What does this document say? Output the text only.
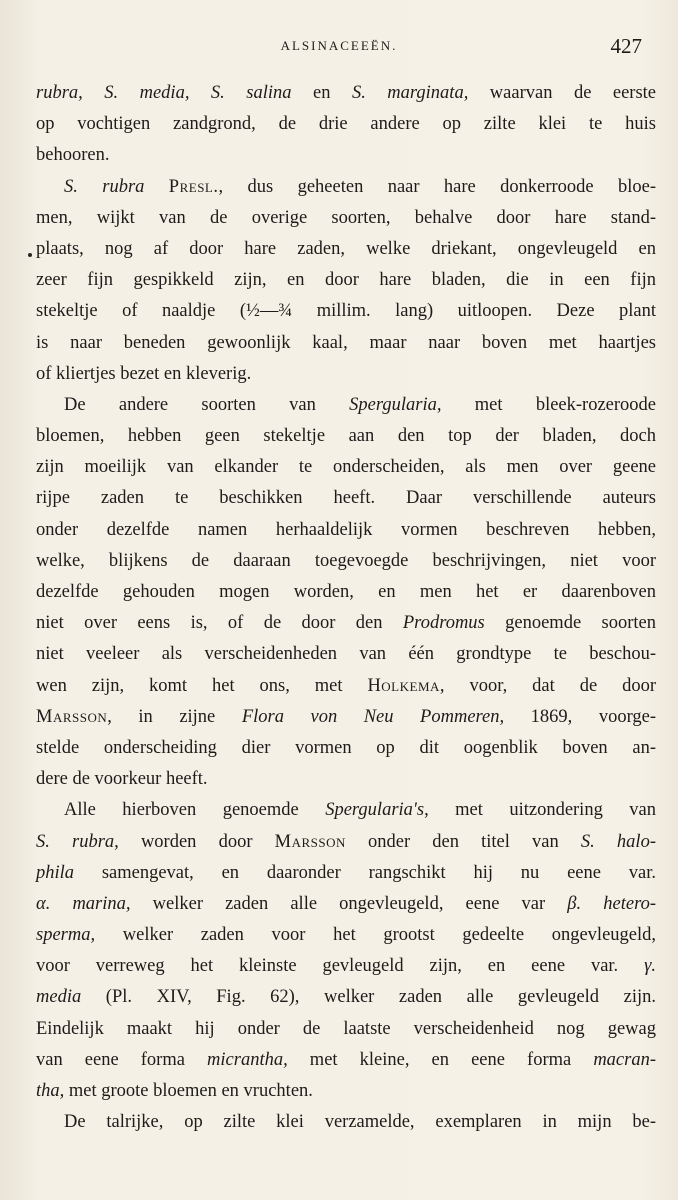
ALSINACEEËN.	427
rubra, S. media, S. salina en S. marginata, waarvan de eerste
op vochtigen zandgrond, de drie andere op zilte klei te huis
behooren.
S. rubra Presl., dus geheeten naar hare donkerroode bloe-
men, wijkt van de overige soorten, behalve door hare stand-
plaats, nog af door hare zaden, welke driekant, ongevleugeld en
zeer fijn gespikkeld zijn, en door hare bladen, die in een fijn
stekeltje of naaldje (½—¾ millim. lang) uitloopen. Deze plant
is naar beneden gewoonlijk kaal, maar naar boven met haartjes
of kliertjes bezet en kleverig.
De andere soorten van Spergularia, met bleek-rozeroode
bloemen, hebben geen stekeltje aan den top der bladen, doch
zijn moeilijk van elkander te onderscheiden, als men over geene
rijpe zaden te beschikken heeft. Daar verschillende auteurs
onder dezelfde namen herhaaldelijk vormen beschreven hebben,
welke, blijkens de daaraan toegevoegde beschrijvingen, niet voor
dezelfde gehouden mogen worden, en men het er daarenboven
niet over eens is, of de door den Prodromus genoemde soorten
niet veeleer als verscheidenheden van één grondtype te beschou-
wen zijn, komt het ons, met Holkema, voor, dat de door
Marsson, in zijne Flora von Neu Pommeren, 1869, voorge-
stelde onderscheiding dier vormen op dit oogenblik boven an-
dere de voorkeur heeft.
Alle hierboven genoemde Spergularia's, met uitzondering van
S. rubra, worden door Marsson onder den titel van S. halo-
phila samengevat, en daaronder rangschikt hij nu eene var.
α. marina, welker zaden alle ongevleugeld, eene var β. hetero-
sperma, welker zaden voor het grootst gedeelte ongevleugeld,
voor verreweg het kleinste gevleugeld zijn, en eene var. γ.
media (Pl. XIV, Fig. 62), welker zaden alle gevleugeld zijn.
Eindelijk maakt hij onder de laatste verscheidenheid nog gewag
van eene forma micrantha, met kleine, en eene forma macran-
tha, met groote bloemen en vruchten.
De talrijke, op zilte klei verzamelde, exemplaren in mijn be-
